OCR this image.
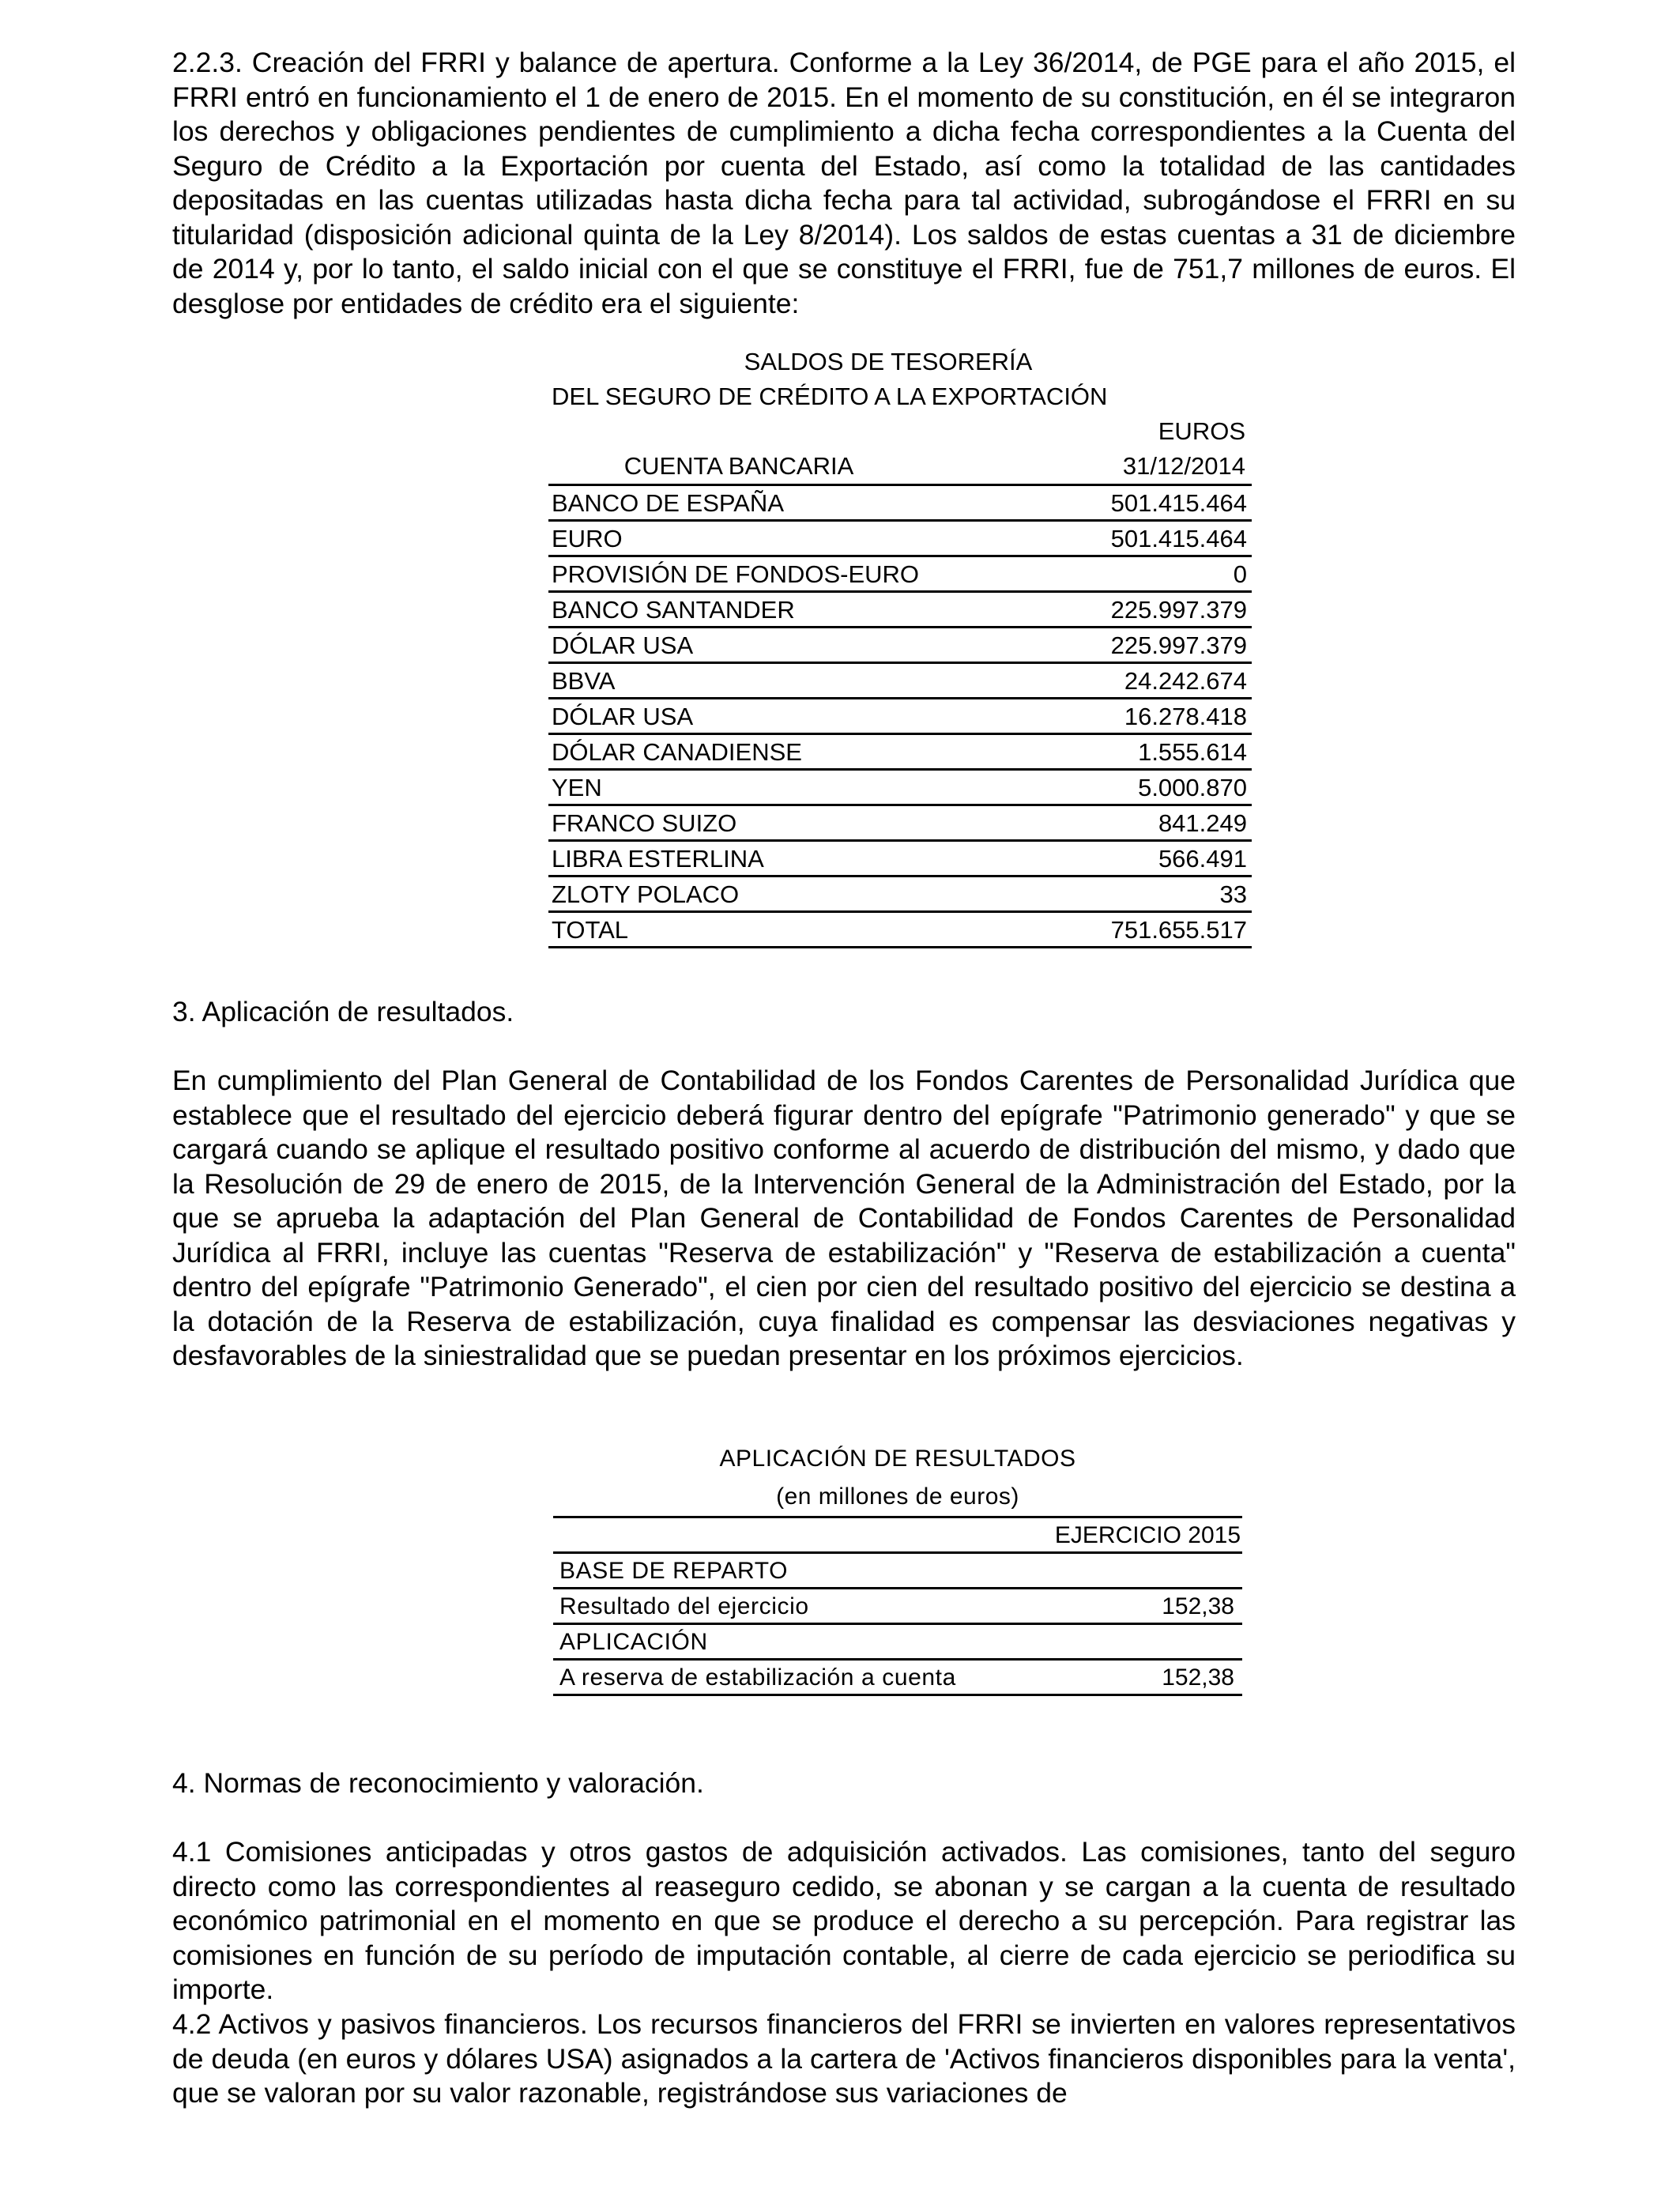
2.2.3. Creación del FRRI y balance de apertura. Conforme a la Ley 36/2014, de PGE para el año 2015, el FRRI entró en funcionamiento el 1 de enero de 2015. En el momento de su constitución, en él se integraron los derechos y obligaciones pendientes de cumplimiento a dicha fecha correspondientes a la Cuenta del Seguro de Crédito a la Exportación por cuenta del Estado, así como la totalidad de las cantidades depositadas en las cuentas utilizadas hasta dicha fecha para tal actividad, subrogándose el FRRI en su titularidad (disposición adicional quinta de la Ley 8/2014). Los saldos de estas cuentas a 31 de diciembre de 2014 y, por lo tanto, el saldo inicial con el que se constituye el FRRI, fue de 751,7 millones de euros. El desglose por entidades de crédito era el siguiente:

SALDOS DE TESORERÍA
DEL SEGURO DE CRÉDITO A LA EXPORTACIÓN
EUROS
CUENTA BANCARIA	31/12/2014
BANCO DE ESPAÑA	501.415.464
EURO	501.415.464
PROVISIÓN DE FONDOS-EURO	0
BANCO SANTANDER	225.997.379
DÓLAR USA	225.997.379
BBVA	24.242.674
DÓLAR USA	16.278.418
DÓLAR CANADIENSE	1.555.614
YEN	5.000.870
FRANCO SUIZO	841.249
LIBRA ESTERLINA	566.491
ZLOTY POLACO	33
TOTAL	751.655.517

3. Aplicación de resultados.

En cumplimiento del Plan General de Contabilidad de los Fondos Carentes de Personalidad Jurídica que establece que el resultado del ejercicio deberá figurar dentro del epígrafe "Patrimonio generado" y que se cargará cuando se aplique el resultado positivo conforme al acuerdo de distribución del mismo, y dado que la Resolución de 29 de enero de 2015, de la Intervención General de la Administración del Estado, por la que se aprueba la adaptación del Plan General de Contabilidad de Fondos Carentes de Personalidad Jurídica al FRRI, incluye las cuentas "Reserva de estabilización" y "Reserva de estabilización a cuenta" dentro del epígrafe "Patrimonio Generado", el cien por cien del resultado positivo del ejercicio se destina a la dotación de la Reserva de estabilización, cuya finalidad es compensar las desviaciones negativas y desfavorables de la siniestralidad que se puedan presentar en los próximos ejercicios.

APLICACIÓN DE RESULTADOS
(en millones de euros)
EJERCICIO 2015
BASE DE REPARTO
Resultado del ejercicio	152,38
APLICACIÓN
A reserva de estabilización a cuenta	152,38

4. Normas de reconocimiento y valoración.

4.1 Comisiones anticipadas y otros gastos de adquisición activados. Las comisiones, tanto del seguro directo como las correspondientes al reaseguro cedido, se abonan y se cargan a la cuenta de resultado económico patrimonial en el momento en que se produce el derecho a su percepción. Para registrar las comisiones en función de su período de imputación contable, al cierre de cada ejercicio se periodifica su importe.

4.2 Activos y pasivos financieros. Los recursos financieros del FRRI se invierten en valores representativos de deuda (en euros y dólares USA) asignados a la cartera de 'Activos financieros disponibles para la venta', que se valoran por su valor razonable, registrándose sus variaciones de
